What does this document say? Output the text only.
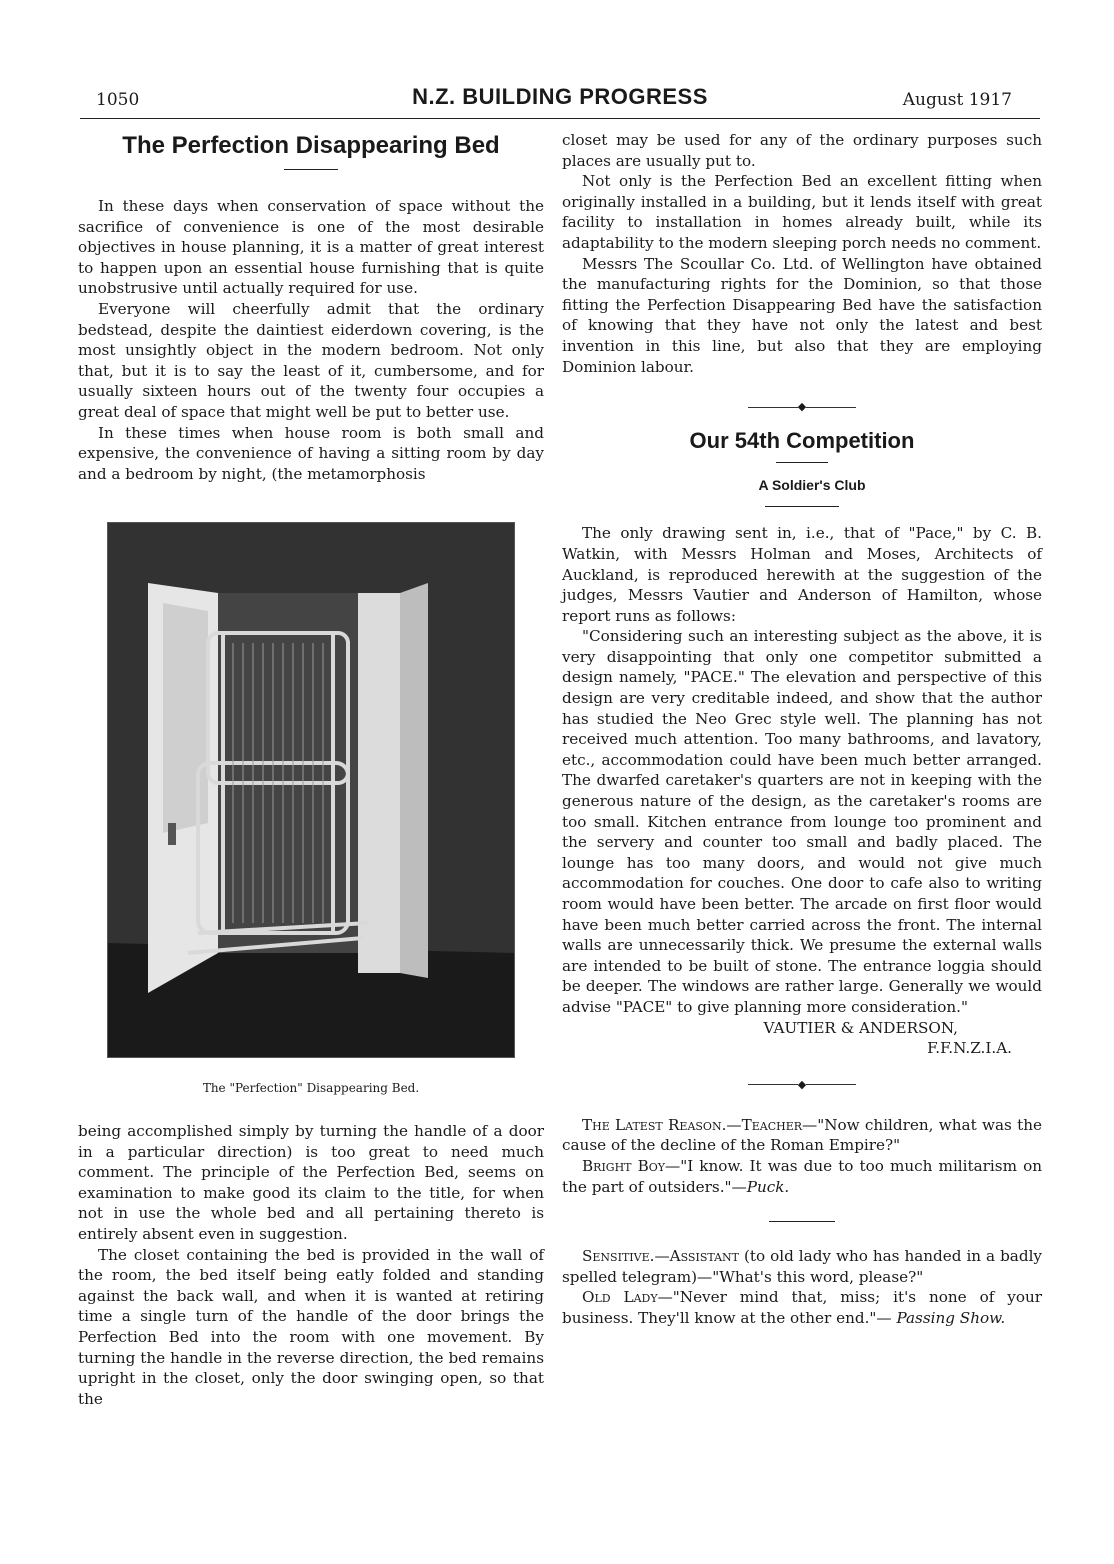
1050	N.Z. BUILDING PROGRESS	August 1917
The Perfection Disappearing Bed

In these days when conservation of space without the sacrifice of convenience is one of the most desirable objectives in house planning, it is a matter of great interest to happen upon an essential house furnishing that is quite unobstrusive until actually required for use.

Everyone will cheerfully admit that the ordinary bedstead, despite the daintiest eiderdown covering, is the most unsightly object in the modern bedroom. Not only that, but it is to say the least of it, cumbersome, and for usually sixteen hours out of the twenty four occupies a great deal of space that might well be put to better use.

In these times when house room is both small and expensive, the convenience of having a sitting room by day and a bedroom by night, (the metamorphosis

The "Perfection" Disappearing Bed.

being accomplished simply by turning the handle of a door in a particular direction) is too great to need much comment. The principle of the Perfection Bed, seems on examination to make good its claim to the title, for when not in use the whole bed and all pertaining thereto is entirely absent even in suggestion.

The closet containing the bed is provided in the wall of the room, the bed itself being eatly folded and standing against the back wall, and when it is wanted at retiring time a single turn of the handle of the door brings the Perfection Bed into the room with one movement. By turning the handle in the reverse direction, the bed remains upright in the closet, only the door swinging open, so that the

closet may be used for any of the ordinary purposes such places are usually put to.

Not only is the Perfection Bed an excellent fitting when originally installed in a building, but it lends itself with great facility to installation in homes already built, while its adaptability to the modern sleeping porch needs no comment.

Messrs The Scoullar Co. Ltd. of Wellington have obtained the manufacturing rights for the Dominion, so that those fitting the Perfection Disappearing Bed have the satisfaction of knowing that they have not only the latest and best invention in this line, but also that they are employing Dominion labour.

◆
Our 54th Competition

A Soldier's Club

The only drawing sent in, i.e., that of "Pace," by C. B. Watkin, with Messrs Holman and Moses, Architects of Auckland, is reproduced herewith at the suggestion of the judges, Messrs Vautier and Anderson of Hamilton, whose report runs as follows:

"Considering such an interesting subject as the above, it is very disappointing that only one competitor submitted a design namely, "PACE." The elevation and perspective of this design are very creditable indeed, and show that the author has studied the Neo Grec style well. The planning has not received much attention. Too many bathrooms, and lavatory, etc., accommodation could have been much better arranged. The dwarfed caretaker's quarters are not in keeping with the generous nature of the design, as the caretaker's rooms are too small. Kitchen entrance from lounge too prominent and the servery and counter too small and badly placed. The lounge has too many doors, and would not give much accommodation for couches. One door to cafe also to writing room would have been better. The arcade on first floor would have been much better carried across the front. The internal walls are unnecessarily thick. We presume the external walls are intended to be built of stone. The entrance loggia should be deeper. The windows are rather large. Generally we would advise "PACE" to give planning more consideration."

VAUTIER & ANDERSON,

F.F.N.Z.I.A.

◆

The Latest Reason.—Teacher—"Now children, what was the cause of the decline of the Roman Empire?"

Bright Boy—"I know. It was due to too much militarism on the part of outsiders."—Puck.

Sensitive.—Assistant (to old lady who has handed in a badly spelled telegram)—"What's this word, please?"

Old Lady—"Never mind that, miss; it's none of your business. They'll know at the other end."— Passing Show.
